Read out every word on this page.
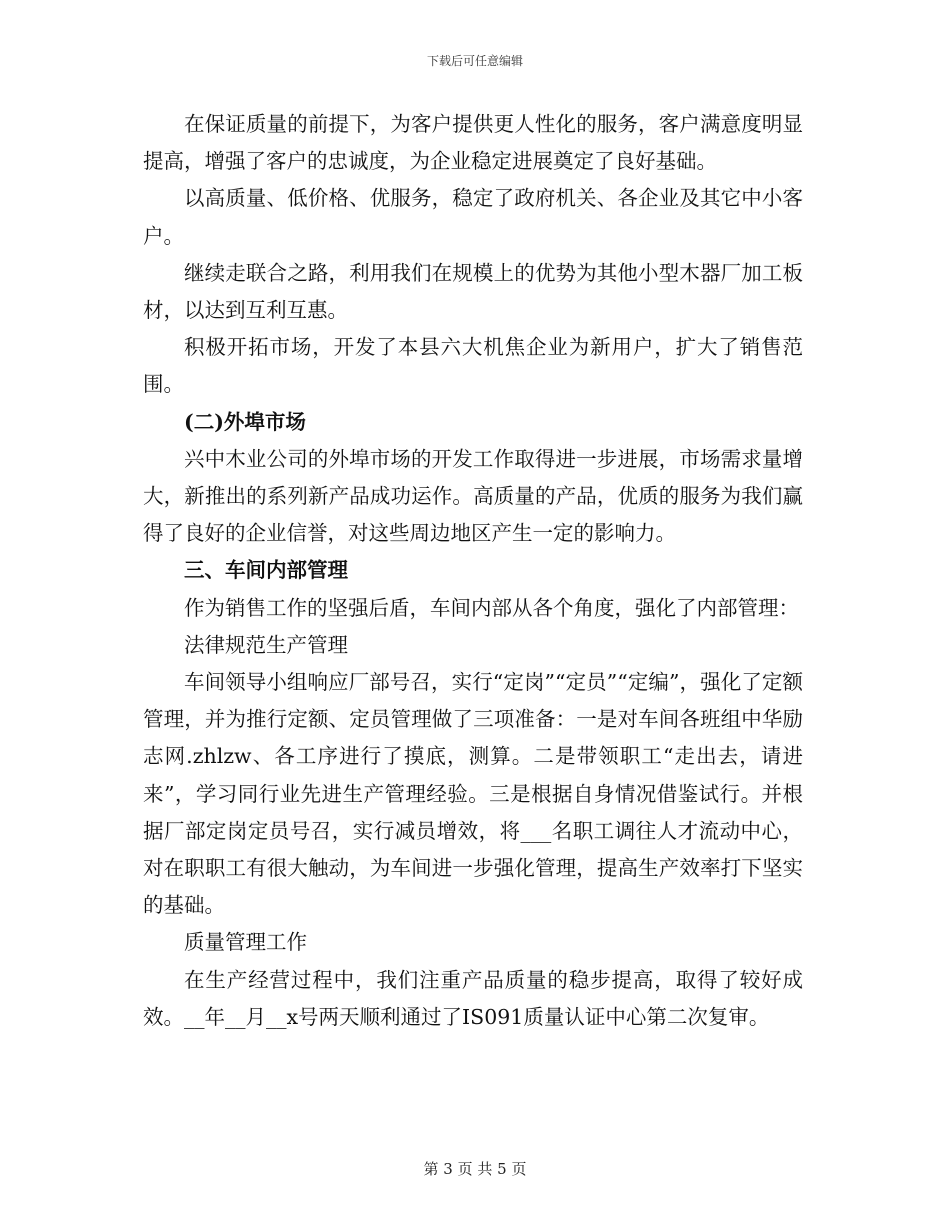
下载后可任意编辑

在保证质量的前提下，为客户提供更人性化的服务，客户满意度明显提高，增强了客户的忠诚度，为企业稳定进展奠定了良好基础。

以高质量、低价格、优服务，稳定了政府机关、各企业及其它中小客户。

继续走联合之路，利用我们在规模上的优势为其他小型木器厂加工板材，以达到互利互惠。

积极开拓市场，开发了本县六大机焦企业为新用户，扩大了销售范围。

(二)外埠市场

兴中木业公司的外埠市场的开发工作取得进一步进展，市场需求量增大，新推出的系列新产品成功运作。高质量的产品，优质的服务为我们赢得了良好的企业信誉，对这些周边地区产生一定的影响力。

三、车间内部管理

作为销售工作的坚强后盾，车间内部从各个角度，强化了内部管理：

法律规范生产管理

车间领导小组响应厂部号召，实行“定岗”“定员”“定编”，强化了定额管理，并为推行定额、定员管理做了三项准备：一是对车间各班组中华励志网.zhlzw、各工序进行了摸底，测算。二是带领职工“走出去，请进来”，学习同行业先进生产管理经验。三是根据自身情况借鉴试行。并根据厂部定岗定员号召，实行减员增效，将___名职工调往人才流动中心，对在职职工有很大触动，为车间进一步强化管理，提高生产效率打下坚实的基础。

质量管理工作

在生产经营过程中，我们注重产品质量的稳步提高，取得了较好成效。__年__月__x号两天顺利通过了IS091质量认证中心第二次复审。

第 3 页 共 5 页
